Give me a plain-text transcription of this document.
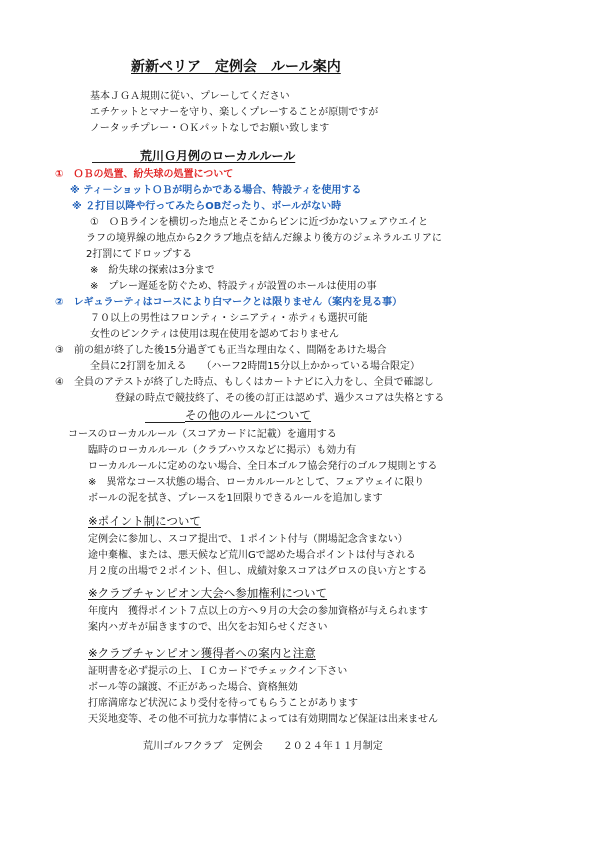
新新ペリア　定例会　ルール案内
基本ＪＧＡ規則に従い、プレーしてください
エチケットとマナーを守り、楽しくプレーすることが原則ですが
ノータッチプレー・ＯＫパットなしでお願い致します
荒川Ｇ月例のローカルルール
①　ＯＢの処置、紛失球の処置について
※ ティ－ショットＯＢが明らかである場合、特設ティを使用する
※ ２打目以降や行ってみたらOBだったり、ボールがない時
①　ＯＢラインを横切った地点とそこからピンに近づかないフェアウエイと
ラフの境界線の地点から2クラブ地点を結んだ線より後方のジェネラルエリアに
2打罰にてドロップする
※　紛失球の探索は3分まで
※　プレー遅延を防ぐため、特設ティが設置のホールは使用の事
②　レギュラーティはコースにより白マークとは限りません（案内を見る事）
７０以上の男性はフロンティ・シニアティ・赤ティも選択可能
女性のピンクティは使用は現在使用を認めておりません
③　前の組が終了した後15分過ぎても正当な理由なく、間隔をあけた場合
全員に2打罰を加える　　（ハーフ2時間15分以上かかっている場合限定）
④　全員のアテストが終了した時点、もしくはカートナビに入力をし、全員で確認し
登録の時点で競技終了、その後の訂正は認めず、過少スコアは失格とする
その他のルールについて
コースのローカルルール（スコアカードに記載）を適用する
臨時のローカルルール（クラブハウスなどに掲示）も効力有
ローカルルールに定めのない場合、全日本ゴルフ協会発行のゴルフ規則とする
※　異常なコース状態の場合、ローカルルールとして、フェアウェイに限り
ボールの泥を拭き、プレースを1回限りできるルールを追加します
※ポイント制について
定例会に参加し、スコア提出で、１ポイント付与（開場記念含まない）
途中棄権、または、悪天候など荒川Gで認めた場合ポイントは付与される
月２度の出場で２ポイント、但し、成績対象スコアはグロスの良い方とする
※クラブチャンピオン大会へ参加権利について
年度内　獲得ポイント７点以上の方へ９月の大会の参加資格が与えられます
案内ハガキが届きますので、出欠をお知らせください
※クラブチャンピオン獲得者への案内と注意
証明書を必ず提示の上、ＩＣカードでチェックイン下さい
ボール等の譲渡、不正があった場合、資格無効
打席満席など状況により受付を待ってもらうことがあります
天災地変等、その他不可抗力な事情によっては有効期間など保証は出来ません
荒川ゴルフクラブ　定例会　　２０２４年１１月制定
